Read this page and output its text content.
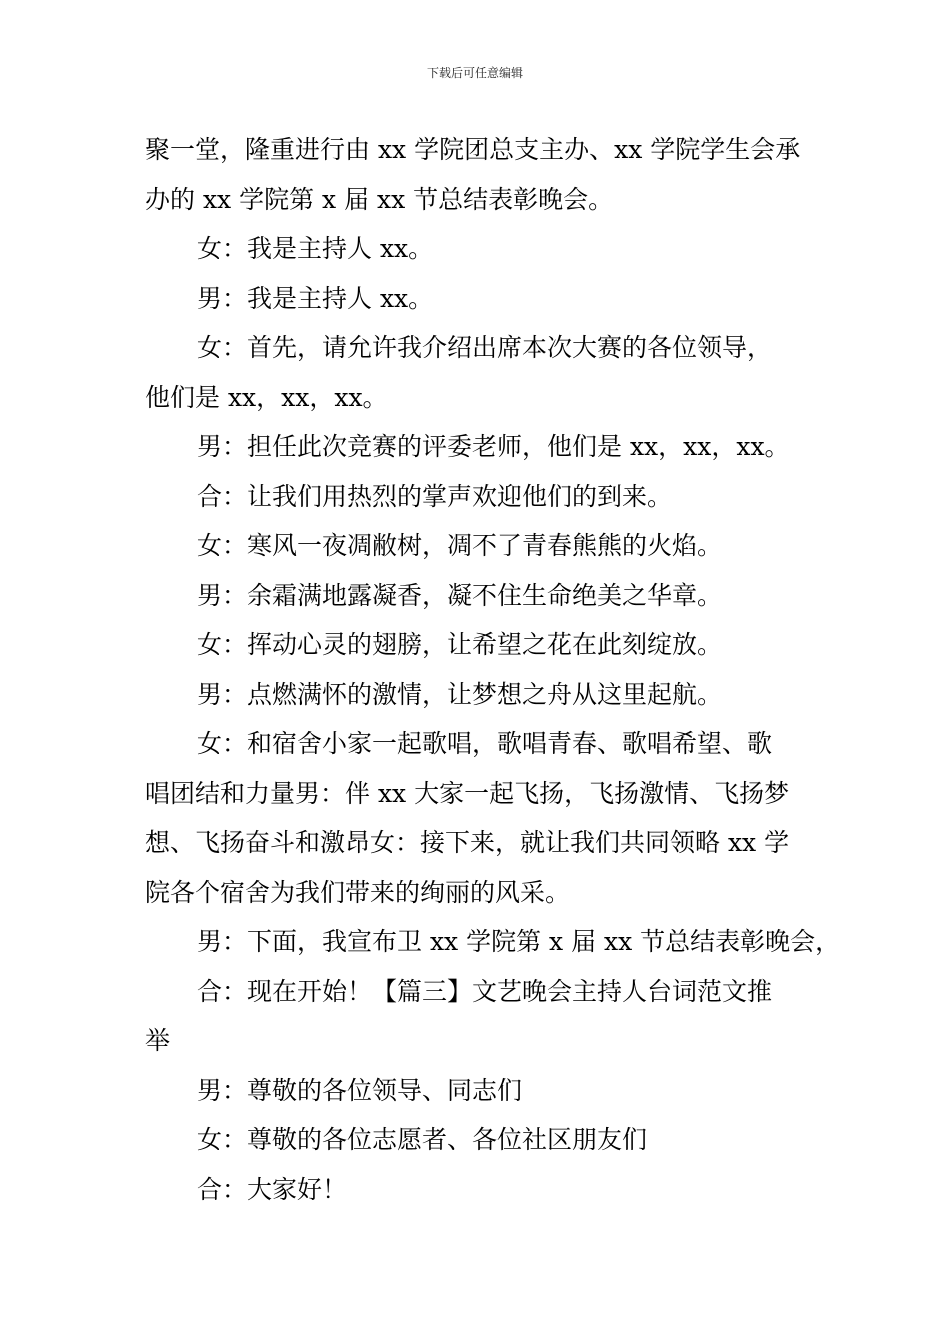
下载后可任意编辑

聚一堂，隆重进行由 xx 学院团总支主办、xx 学院学生会承

办的 xx 学院第 x 届 xx 节总结表彰晚会。

女：我是主持人 xx。

男：我是主持人 xx。

女：首先，请允许我介绍出席本次大赛的各位领导，

他们是 xx，xx，xx。

男：担任此次竞赛的评委老师，他们是 xx，xx，xx。

合：让我们用热烈的掌声欢迎他们的到来。

女：寒风一夜凋敝树，凋不了青春熊熊的火焰。

男：余霜满地露凝香，凝不住生命绝美之华章。

女：挥动心灵的翅膀，让希望之花在此刻绽放。

男：点燃满怀的激情，让梦想之舟从这里起航。

女：和宿舍小家一起歌唱，歌唱青春、歌唱希望、歌

唱团结和力量男：伴 xx 大家一起飞扬，飞扬激情、飞扬梦

想、飞扬奋斗和激昂女：接下来，就让我们共同领略 xx 学

院各个宿舍为我们带来的绚丽的风采。

男：下面，我宣布卫 xx 学院第 x 届 xx 节总结表彰晚会，

合：现在开始！【篇三】文艺晚会主持人台词范文推

举

男：尊敬的各位领导、同志们

女：尊敬的各位志愿者、各位社区朋友们

合：大家好！
